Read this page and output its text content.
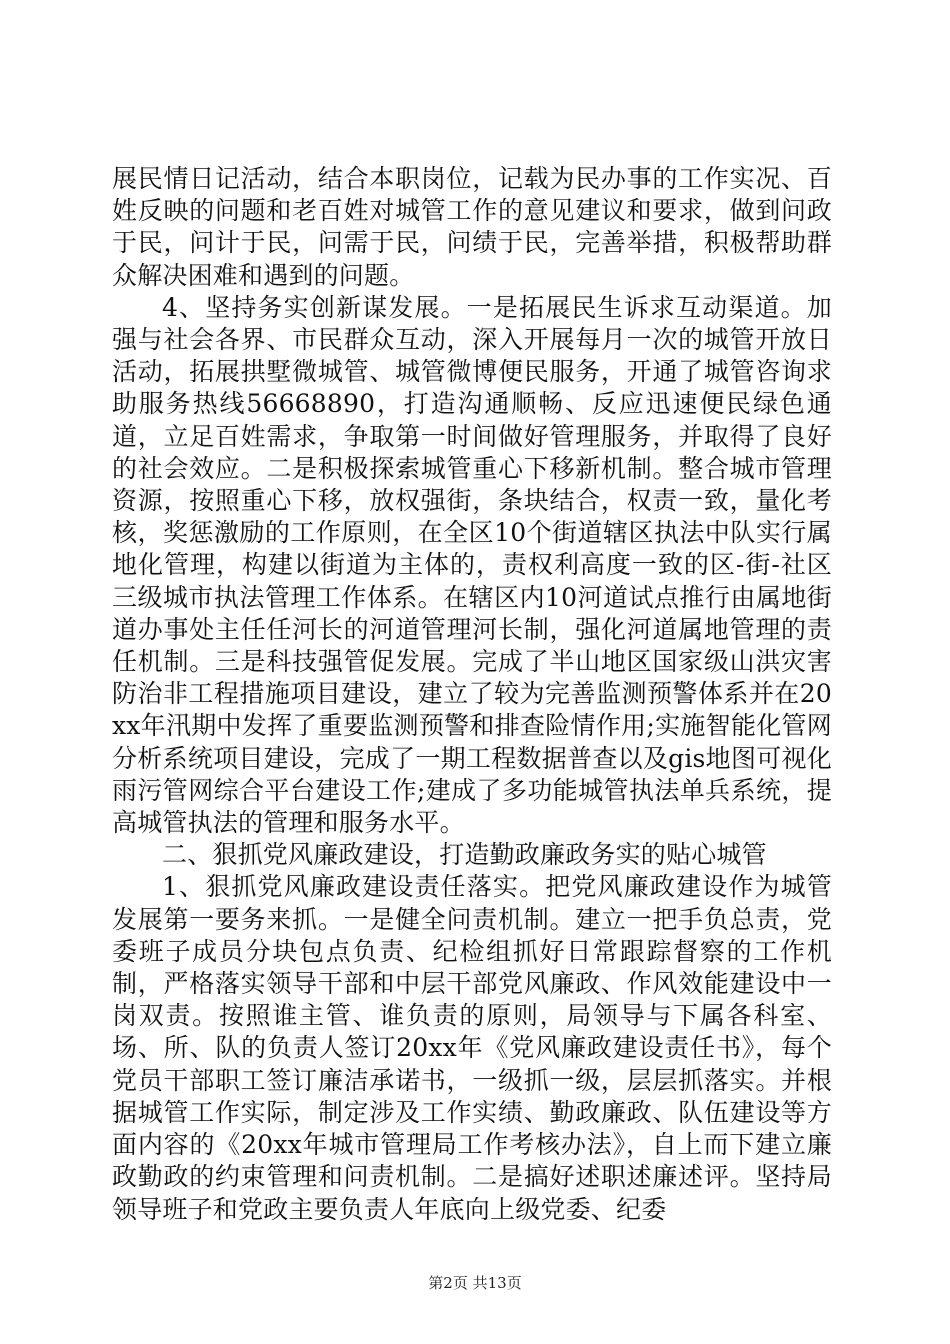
展民情日记活动，结合本职岗位，记载为民办事的工作实况、百姓反映的问题和老百姓对城管工作的意见建议和要求，做到问政于民，问计于民，问需于民，问绩于民，完善举措，积极帮助群众解决困难和遇到的问题。

4、坚持务实创新谋发展。一是拓展民生诉求互动渠道。加强与社会各界、市民群众互动，深入开展每月一次的城管开放日活动，拓展拱墅微城管、城管微博便民服务，开通了城管咨询求助服务热线56668890，打造沟通顺畅、反应迅速便民绿色通道，立足百姓需求，争取第一时间做好管理服务，并取得了良好的社会效应。二是积极探索城管重心下移新机制。整合城市管理资源，按照重心下移，放权强街，条块结合，权责一致，量化考核，奖惩激励的工作原则，在全区10个街道辖区执法中队实行属地化管理，构建以街道为主体的，责权利高度一致的区-街-社区三级城市执法管理工作体系。在辖区内10河道试点推行由属地街道办事处主任任河长的河道管理河长制，强化河道属地管理的责任机制。三是科技强管促发展。完成了半山地区国家级山洪灾害防治非工程措施项目建设，建立了较为完善监测预警体系并在20xx年汛期中发挥了重要监测预警和排查险情作用;实施智能化管网分析系统项目建设，完成了一期工程数据普查以及gis地图可视化雨污管网综合平台建设工作;建成了多功能城管执法单兵系统，提高城管执法的管理和服务水平。

二、狠抓党风廉政建设，打造勤政廉政务实的贴心城管

1、狠抓党风廉政建设责任落实。把党风廉政建设作为城管发展第一要务来抓。一是健全问责机制。建立一把手负总责，党委班子成员分块包点负责、纪检组抓好日常跟踪督察的工作机制，严格落实领导干部和中层干部党风廉政、作风效能建设中一岗双责。按照谁主管、谁负责的原则，局领导与下属各科室、场、所、队的负责人签订20xx年《党风廉政建设责任书》，每个党员干部职工签订廉洁承诺书，一级抓一级，层层抓落实。并根据城管工作实际，制定涉及工作实绩、勤政廉政、队伍建设等方面内容的《20xx年城市管理局工作考核办法》，自上而下建立廉政勤政的约束管理和问责机制。二是搞好述职述廉述评。坚持局领导班子和党政主要负责人年底向上级党委、纪委

第2页 共13页
